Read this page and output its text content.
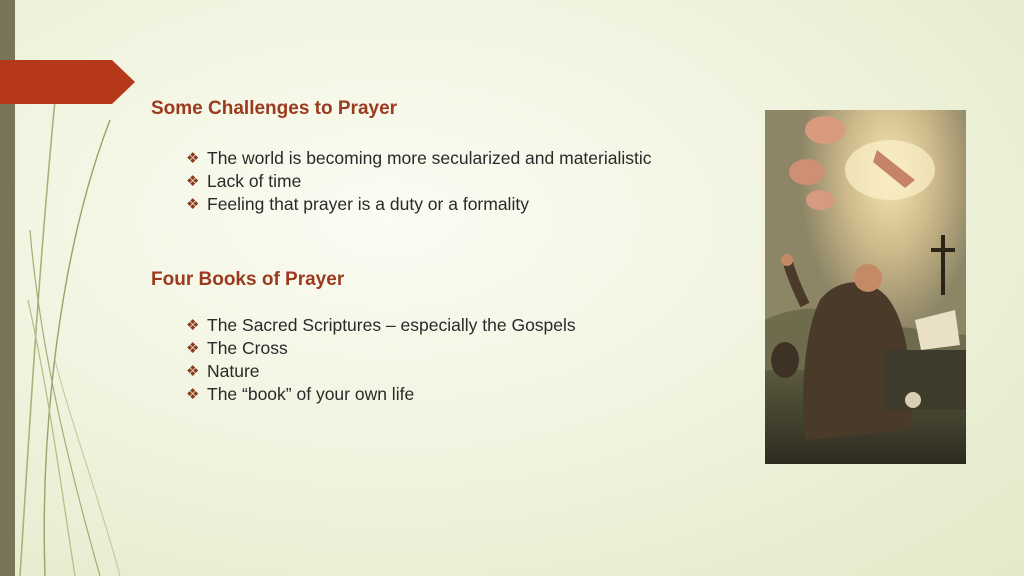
Some Challenges to Prayer
❖ The world is becoming more secularized and materialistic
❖ Lack of time
❖ Feeling that prayer is a duty or a formality
Four Books of Prayer
❖ The Sacred Scriptures – especially the Gospels
❖ The Cross
❖ Nature
❖ The “book” of your own life
